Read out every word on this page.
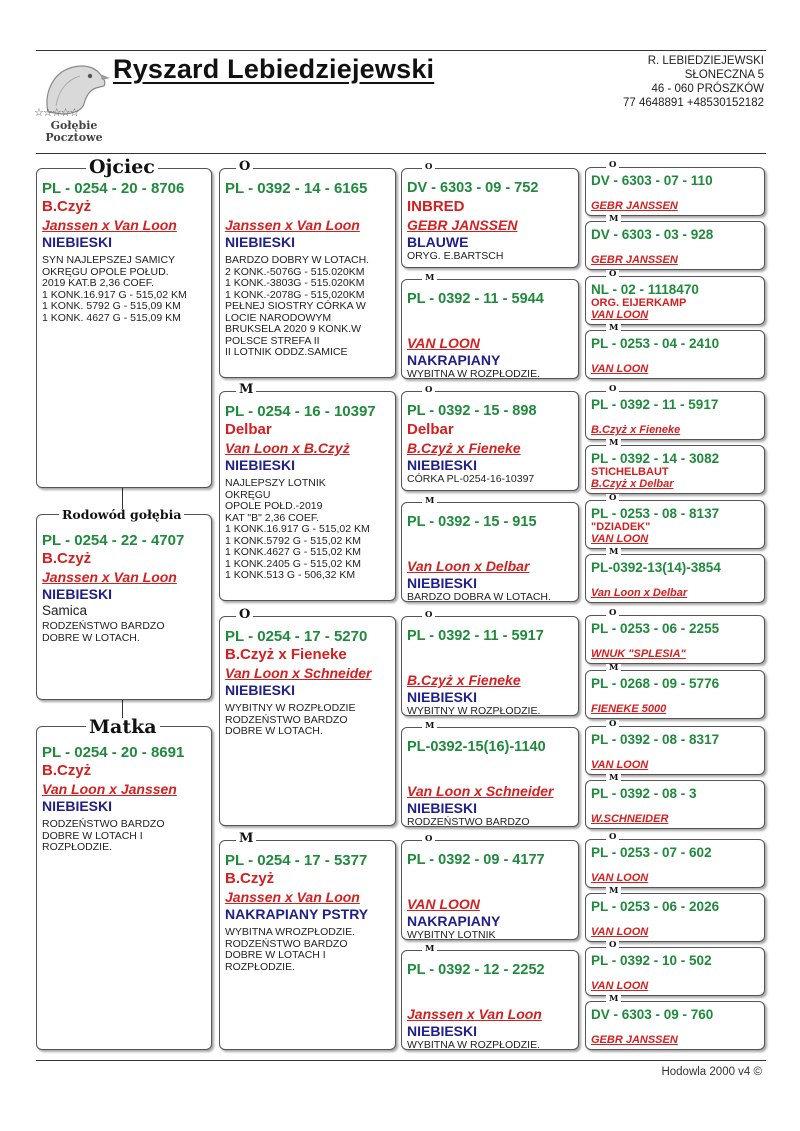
☆☆☆☆☆
Gołębie
Pocztowe
Ryszard Lebiedziejewski	R. LEBIEDZIEJEWSKI
SŁONECZNA 5
46 - 060 PRÓSZKÓW
77 4648891 +48530152182
PL - 0254 - 20 - 8706
B.Czyż
Janssen x Van Loon
NIEBIESKI
SYN NAJLEPSZEJ SAMICY
OKRĘGU OPOLE POŁUD.
2019 KAT.B 2,36 COEF.
1 KONK.16.917 G - 515,02 KM
1 KONK. 5792 G - 515,09 KM
1 KONK. 4627 G - 515,09 KM
Ojciec
PL - 0254 - 22 - 4707
B.Czyż
Janssen x Van Loon
NIEBIESKI
Samica
RODZEŃSTWO BARDZO
DOBRE W LOTACH.
Rodowód gołębia
PL - 0254 - 20 - 8691
B.Czyż
Van Loon x Janssen
NIEBIESKI
RODZEŃSTWO BARDZO
DOBRE W LOTACH I
ROZPŁODZIE.
Matka
PL - 0392 - 14 - 6165
Janssen x Van Loon
NIEBIESKI
BARDZO DOBRY W LOTACH.
2 KONK.-5076G - 515.020KM
1 KONK.-3803G - 515.020KM
1 KONK.-2078G - 515,020KM
PEŁNEJ SIOSTRY CÓRKA W
LOCIE NARODOWYM
BRUKSELA 2020 9 KONK.W
POLSCE STREFA II
II LOTNIK ODDZ.SAMICE
O
PL - 0254 - 16 - 10397
Delbar
Van Loon x B.Czyż
NIEBIESKI
NAJLEPSZY LOTNIK
OKRĘGU
OPOLE POŁD.-2019
KAT "B" 2,36 COEF.
1 KONK.16.917 G - 515,02 KM
1 KONK.5792 G - 515,02 KM
1 KONK.4627 G - 515,02 KM
1 KONK.2405 G - 515,02 KM
1 KONK.513 G - 506,32 KM
M
PL - 0254 - 17 - 5270
B.Czyż x Fieneke
Van Loon x Schneider
NIEBIESKI
WYBITNY W ROZPŁODZIE
RODZEŃSTWO BARDZO
DOBRE W LOTACH.
O
PL - 0254 - 17 - 5377
B.Czyż
Janssen x Van Loon
NAKRAPIANY PSTRY
WYBITNA WROZPŁODZIE.
RODZEŃSTWO BARDZO
DOBRE W LOTACH I
ROZPŁODZIE.
M
DV - 6303 - 09 - 752
INBRED
GEBR JANSSEN
BLAUWE
ORYG. E.BARTSCH
O
PL - 0392 - 11 - 5944
VAN LOON
NAKRAPIANY
WYBITNA W ROZPŁODZIE.
M
PL - 0392 - 15 - 898
Delbar
B.Czyż x Fieneke
NIEBIESKI
CÓRKA PL-0254-16-10397
O
PL - 0392 - 15 - 915
Van Loon x Delbar
NIEBIESKI
BARDZO DOBRA W LOTACH.
M
PL - 0392 - 11 - 5917
B.Czyż x Fieneke
NIEBIESKI
WYBITNY W ROZPŁODZIE.
O
PL-0392-15(16)-1140
Van Loon x Schneider
NIEBIESKI
RODZEŃSTWO BARDZO
M
PL - 0392 - 09 - 4177
VAN LOON
NAKRAPIANY
WYBITNY LOTNIK
O
PL - 0392 - 12 - 2252
Janssen x Van Loon
NIEBIESKI
WYBITNA W ROZPŁODZIE.
M
DV - 6303 - 07 - 110
GEBR JANSSEN
O
DV - 6303 - 03 - 928
GEBR JANSSEN
M
NL - 02 - 1118470
ORG. EIJERKAMP
VAN LOON
O
PL - 0253 - 04 - 2410
VAN LOON
M
PL - 0392 - 11 - 5917
B.Czyż x Fieneke
O
PL - 0392 - 14 - 3082
STICHELBAUT
B.Czyż x Delbar
M
PL - 0253 - 08 - 8137
"DZIADEK"
VAN LOON
O
PL-0392-13(14)-3854
Van Loon x Delbar
M
PL - 0253 - 06 - 2255
WNUK "SPLESIA"
O
PL - 0268 - 09 - 5776
FIENEKE 5000
M
PL - 0392 - 08 - 8317
VAN LOON
O
PL - 0392 - 08 - 3
W.SCHNEIDER
M
PL - 0253 - 07 - 602
VAN LOON
O
PL - 0253 - 06 - 2026
VAN LOON
M
PL - 0392 - 10 - 502
VAN LOON
O
DV - 6303 - 09 - 760
GEBR JANSSEN
M
Hodowla 2000 v4 ©
